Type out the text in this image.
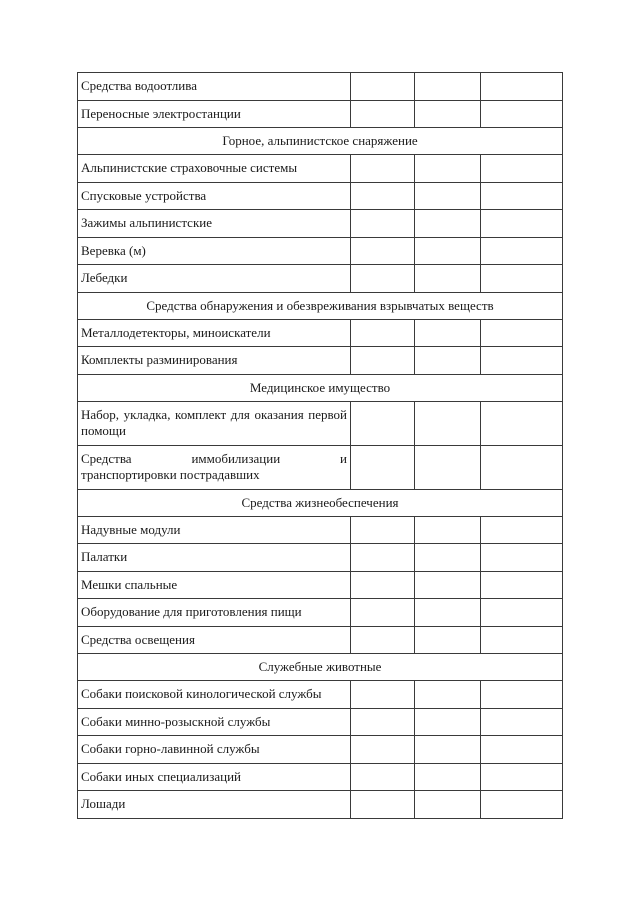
Средства водоотлива			
Переносные электростанции			
Горное, альпинистское снаряжение			
Альпинистские страховочные системы			
Спусковые устройства			
Зажимы альпинистские			
Веревка (м)			
Лебедки			
Средства обнаружения и обезвреживания взрывчатых веществ			
Металлодетекторы, миноискатели			
Комплекты разминирования			
Медицинское имущество			
Набор, укладка, комплект для оказания первой помощи			

Средства иммобилизации и
транспортировки пострадавших			

Средства жизнеобеспечения			
Надувные модули			
Палатки			
Мешки спальные			
Оборудование для приготовления пищи			
Средства освещения			
Служебные животные			
Собаки поисковой кинологической службы			
Собаки минно-розыскной службы			
Собаки горно-лавинной службы			
Собаки иных специализаций			
Лошади			
